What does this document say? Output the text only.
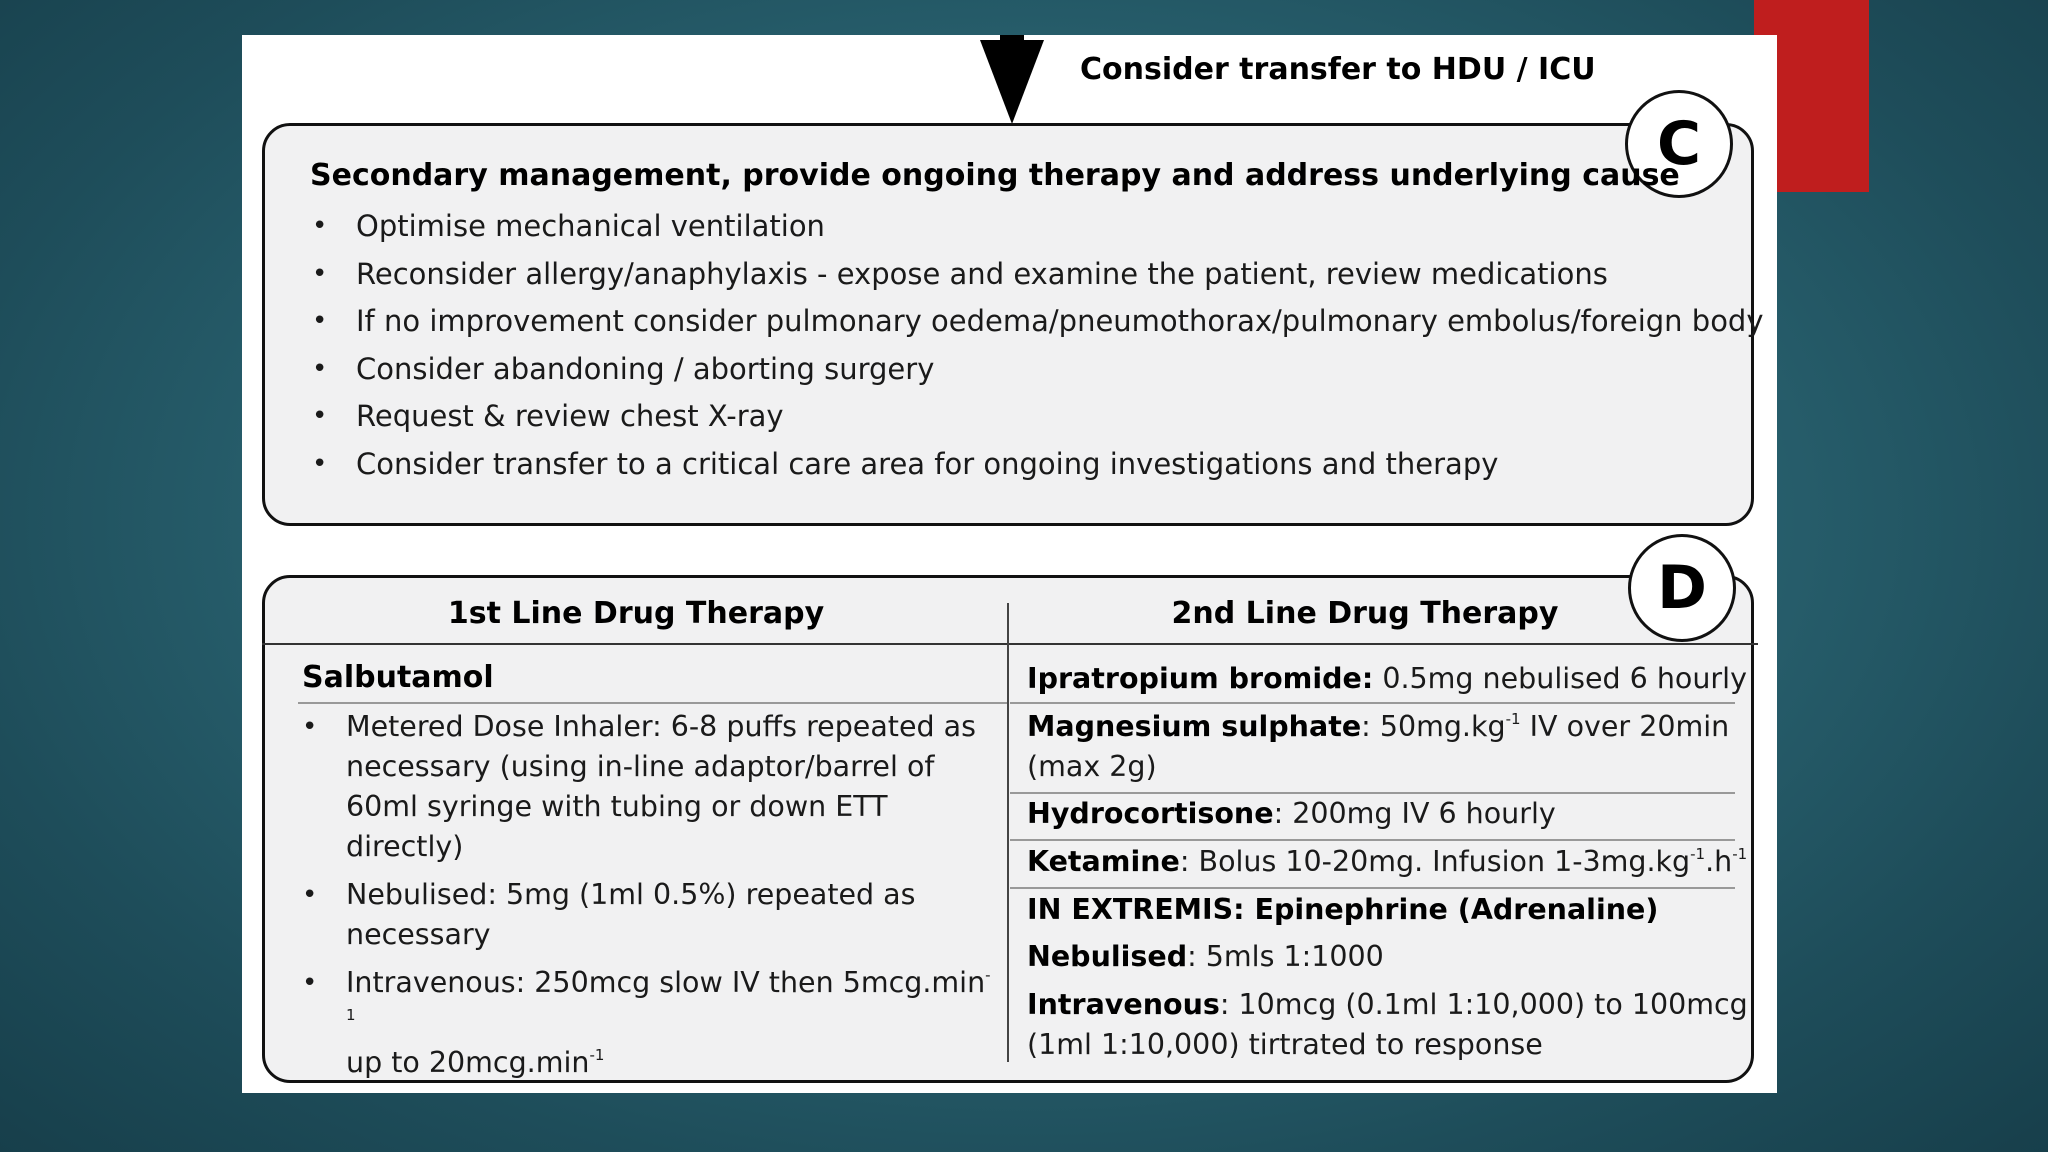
Consider transfer to HDU / ICU
C
Secondary management, provide ongoing therapy and address underlying cause
• Optimise mechanical ventilation
• Reconsider allergy/anaphylaxis - expose and examine the patient, review medications
• If no improvement consider pulmonary oedema/pneumothorax/pulmonary embolus/foreign body
• Consider abandoning / aborting surgery
• Request & review chest X-ray
• Consider transfer to a critical care area for ongoing investigations and therapy
D
1st Line Drug Therapy	2nd Line Drug Therapy
Salbutamol
• Metered Dose Inhaler: 6-8 puffs repeated as necessary (using in-line adaptor/barrel of 60ml syringe with tubing or down ETT directly)
• Nebulised: 5mg (1ml 0.5%) repeated as necessary
• Intravenous: 250mcg slow IV then $5mcg.\min^{-1}$
up to $20mcg.\min^{-1}$
Ipratropium bromide: 0.5mg nebulised 6 hourly
Magnesium sulphate: $50mg.kg^{-1}$ IV over 20min
(max 2g)
Hydrocortisone: 200mg IV 6 hourly
Ketamine: Bolus 10-20mg. Infusion $1-3mg.kg^{-1}.h^{-1}$
IN EXTREMIS: Epinephrine (Adrenaline)
Nebulised: 5mls 1:1000
Intravenous: 10mcg (0.1ml 1:10,000) to 100mcg
(1ml 1:10,000) tirtrated to response
